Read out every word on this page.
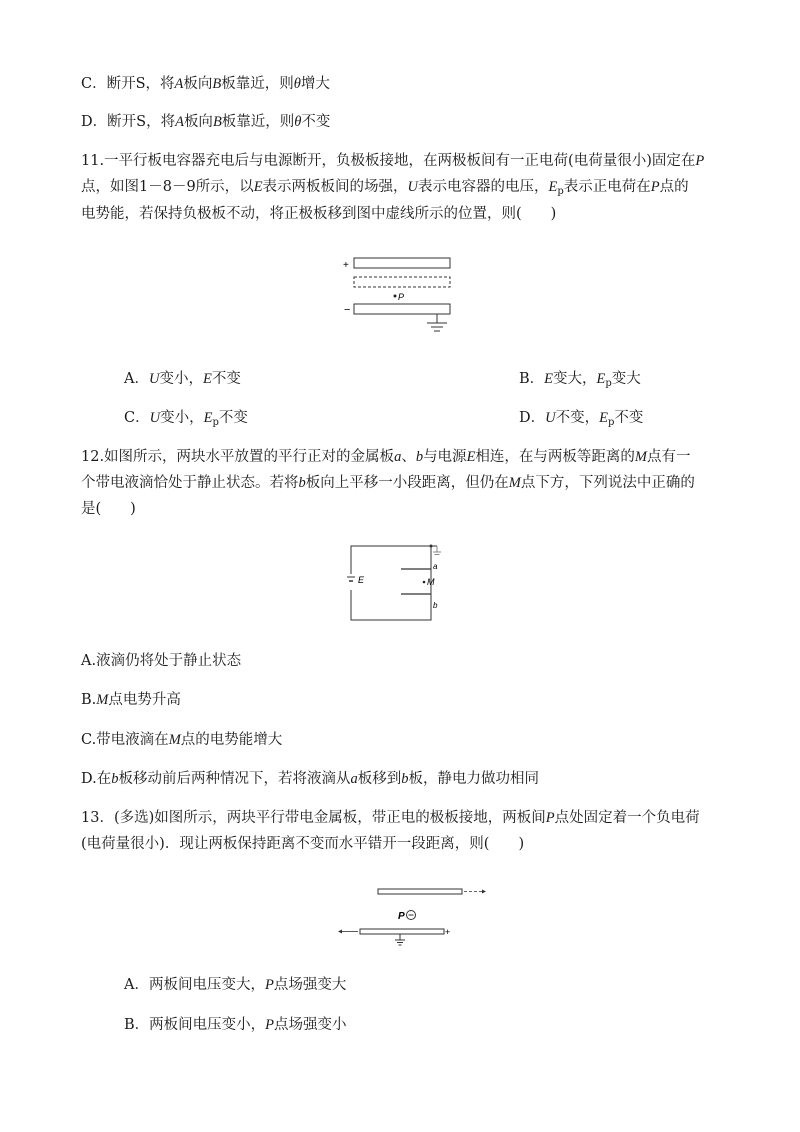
C．断开S，将A板向B板靠近，则θ增大
D．断开S，将A板向B板靠近，则θ不变
11.一平行板电容器充电后与电源断开，负极板接地，在两极板间有一正电荷(电荷量很小)固定在P
点，如图1－8－9所示，以E表示两板板间的场强，U表示电容器的电压，$E_p$表示正电荷在P点的
电势能，若保持负极板不动，将正极板移到图中虚线所示的位置，则(　　)
+
P
−
A．U变小，E不变	B．E变大，$E_p$变大
C．U变小，$E_p$不变	D．U不变，$E_p$不变
12.如图所示，两块水平放置的平行正对的金属板a、b与电源E相连，在与两板等距离的M点有一
个带电液滴恰处于静止状态。若将b板向上平移一小段距离，但仍在M点下方，下列说法中正确的
是(　　)
E
a
b
M
A.液滴仍将处于静止状态
B.M点电势升高
C.带电液滴在M点的电势能增大
D.在b板移动前后两种情况下，若将液滴从a板移到b板，静电力做功相同
13．(多选)如图所示，两块平行带电金属板，带正电的极板接地，两板间P点处固定着一个负电荷
(电荷量很小)．现让两板保持距离不变而水平错开一段距离，则(　　)
P
+
A．两板间电压变大，P点场强变大
B．两板间电压变小，P点场强变小
